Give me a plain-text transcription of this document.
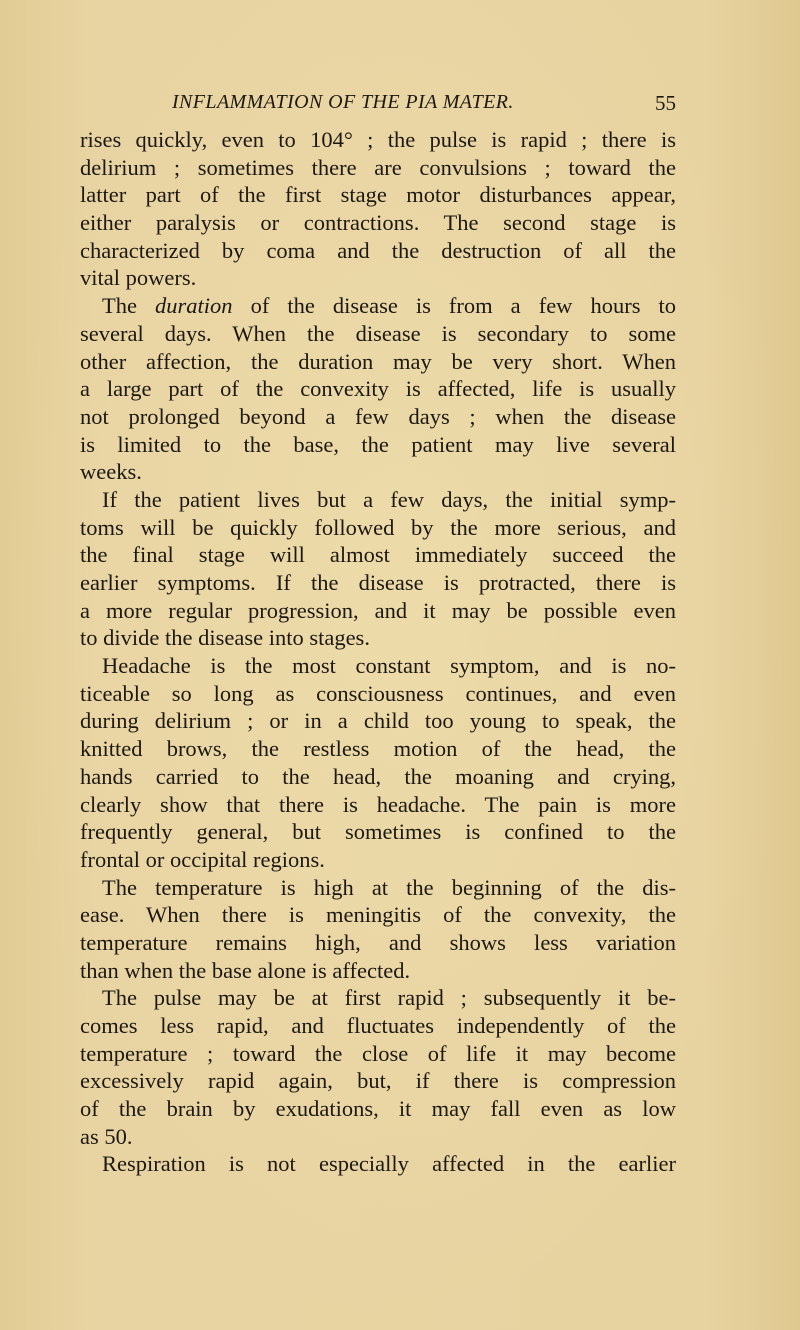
INFLAMMATION OF THE PIA MATER.	55
rises quickly, even to 104° ; the pulse is rapid ; there is
delirium ; sometimes there are convulsions ; toward the
latter part of the first stage motor disturbances appear,
either paralysis or contractions. The second stage is
characterized by coma and the destruction of all the
vital powers.
The duration of the disease is from a few hours to
several days. When the disease is secondary to some
other affection, the duration may be very short. When
a large part of the convexity is affected, life is usually
not prolonged beyond a few days ; when the disease
is limited to the base, the patient may live several
weeks.
If the patient lives but a few days, the initial symp-
toms will be quickly followed by the more serious, and
the final stage will almost immediately succeed the
earlier symptoms. If the disease is protracted, there is
a more regular progression, and it may be possible even
to divide the disease into stages.
Headache is the most constant symptom, and is no-
ticeable so long as consciousness continues, and even
during delirium ; or in a child too young to speak, the
knitted brows, the restless motion of the head, the
hands carried to the head, the moaning and crying,
clearly show that there is headache. The pain is more
frequently general, but sometimes is confined to the
frontal or occipital regions.
The temperature is high at the beginning of the dis-
ease. When there is meningitis of the convexity, the
temperature remains high, and shows less variation
than when the base alone is affected.
The pulse may be at first rapid ; subsequently it be-
comes less rapid, and fluctuates independently of the
temperature ; toward the close of life it may become
excessively rapid again, but, if there is compression
of the brain by exudations, it may fall even as low
as 50.
Respiration is not especially affected in the earlier
